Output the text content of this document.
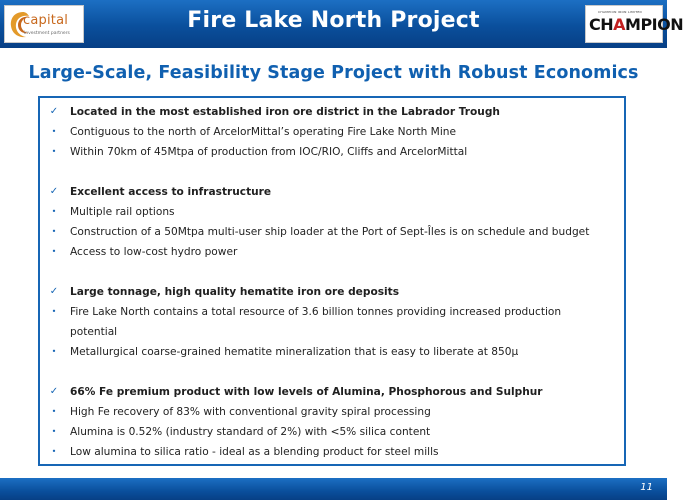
capital
investment partners
Fire Lake North Project	CHAMPION IRON LIMITED
CHAMPION
Large-Scale, Feasibility Stage Project with Robust Economics
✓ Located in the most established iron ore district in the Labrador Trough
•	Contiguous to the north of ArcelorMittal’s operating Fire Lake North Mine
•	Within 70km of 45Mtpa of production from IOC/RIO, Cliffs and ArcelorMittal
✓ Excellent access to infrastructure
•	Multiple rail options
•	Construction of a 50Mtpa multi-user ship loader at the Port of Sept-Îles is on schedule and budget
•	Access to low-cost hydro power
✓ Large tonnage, high quality hematite iron ore deposits
•	Fire Lake North contains a total resource of 3.6 billion tonnes providing increased production
potential
•	Metallurgical coarse-grained hematite mineralization that is easy to liberate at 850µ
✓ 66% Fe premium product with low levels of Alumina, Phosphorous and Sulphur
•	High Fe recovery of 83% with conventional gravity spiral processing
•	Alumina is 0.52% (industry standard of 2%) with <5% silica content
•	Low alumina to silica ratio - ideal as a blending product for steel mills
11
